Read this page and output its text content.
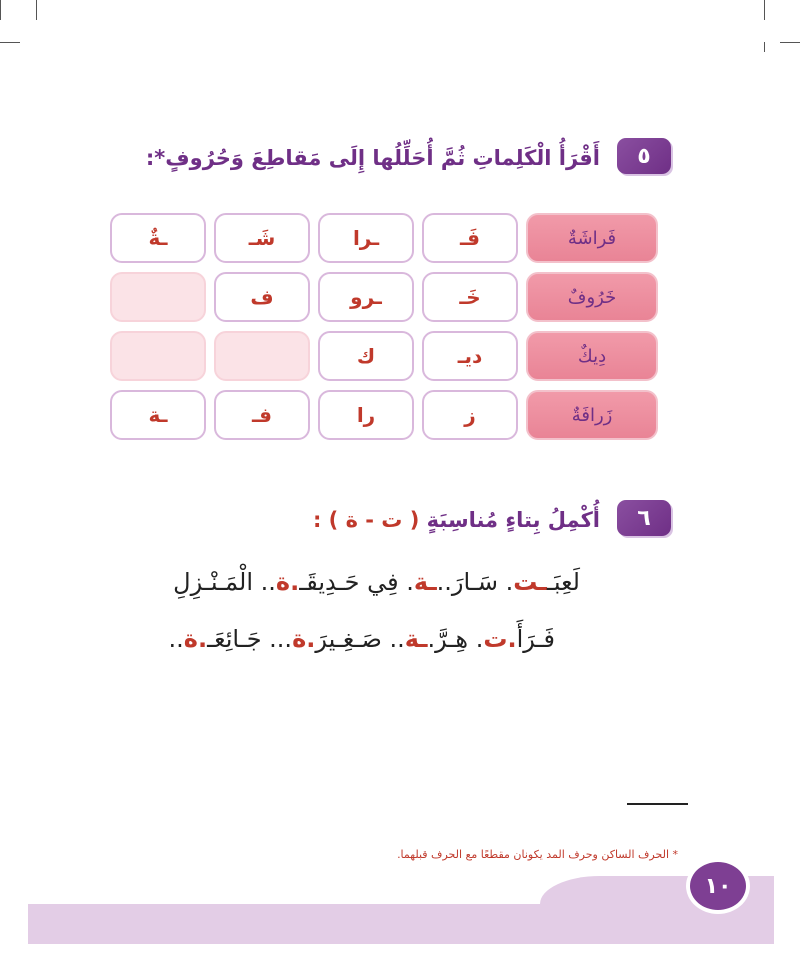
٥
أَقْرَأُ الْكَلِماتِ ثُمَّ أُحَلِّلُها إِلَى مَقاطِعَ وَحُرُوفٍ*:
فَراشَةٌ
فَـ
ـرا
شَـ
ـةٌ
خَرُوفٌ
خَـ
ـرو
ف
دِيكٌ
ديـ
ك
زَرافَةٌ
ز
را
فـ
ـة
٦
أُكْمِلُ بِتاءٍ مُناسِبَةٍ ( ت - ة ) :
لَعِبَــت. سَـارَ..ـة. فِي حَـدِيقَـ.ة.. الْمَـنْـزِلِ
فَـرَأَ.ت. هِـرَّ.ـة.. صَـغِـيرَ.ة... جَـائِعَـ.ة..
* الحرف الساكن وحرف المد يكونان مقطعًا مع الحرف قبلهما.
١٠
